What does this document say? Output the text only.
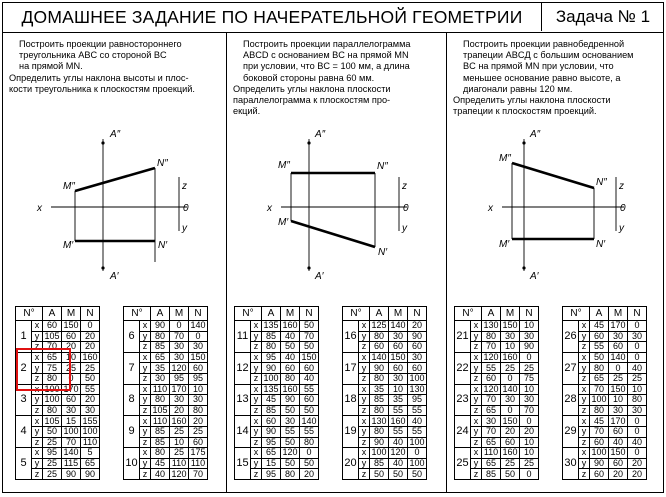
ДОМАШНЕЕ ЗАДАНИЕ ПО НАЧЕРАТЕЛЬНОЙ ГЕОМЕТРИИ	Задача № 1
Построить проекции равностороннего
треугольника ABC со стороной BC
на прямой MN.
Определить углы наклона высоты и плос-
кости треугольника к плоскостям проекций.
Построить проекции параллелограмма
ABCD с основанием BC на прямой MN
при условии, что BC = 100 мм, а длина
боковой стороны равна 60 мм.
Определить углы наклона плоскости
параллелограмма к плоскостям про-
екций.
Построить проекции равнобедренной
трапеции ABCД с большим основанием
BC на прямой MN при условии, что
меньшее основание равно высоте, а
диагонали равны 120 мм.
Определить углы наклона плоскости
трапеции к плоскостям проекций.
A″
M″
N″
x
z
0
y
M′	N′
A′
A″
M″	N″
x
z
0
y
M′
N′
A′
A″
M″
N″
x
z
0
y
M′	N′
A′
N°		A	M	N
1	x	60	150	0
	y	105	60	20
	z	70	20	20
2	x	65	10	160
	y	75	25	25
	z	80	0	50
3	x	100	170	55
	y	100	60	20
	z	80	30	30
4	x	105	15	155
	y	50	100	100
	z	25	70	110
5	x	95	140	5
	y	25	115	65
	z	25	90	90
N°		A	M	N
6	x	90	0	140
	y	80	70	0
	z	85	30	30
7	x	65	30	150
	y	35	120	60
	z	30	95	95
8	x	110	170	10
	y	80	30	30
	z	105	20	80
9	x	110	160	20
	y	85	25	25
	z	85	10	60
10	x	80	25	175
	y	45	110	110
	z	40	120	70
N°		A	M	N
11	x	135	160	50
	y	85	40	70
	z	80	50	50
12	x	95	40	150
	y	90	60	60
	z	100	80	40
13	x	135	160	55
	y	45	90	60
	z	85	50	50
14	x	60	30	140
	y	90	55	55
	z	95	50	80
15	x	65	120	0
	y	15	50	50
	z	95	80	20
N°		A	M	N
16	x	125	140	20
	y	80	30	90
	z	60	60	60
17	x	140	150	30
	y	90	60	60
	z	80	30	100
18	x	35	10	130
	y	85	35	95
	z	80	55	55
19	x	130	160	40
	y	80	55	55
	z	90	40	100
20	x	100	120	0
	y	85	40	100
	z	50	50	50
N°		A	M	N
21	x	130	150	10
	y	80	30	30
	z	70	10	90
22	x	120	160	0
	y	55	25	25
	z	60	0	75
23	x	120	140	10
	y	70	30	30
	z	65	0	70
24	x	30	150	0
	y	70	20	20
	z	65	60	10
25	x	110	160	10
	y	65	25	25
	z	85	50	0
N°		A	M	N
26	x	45	170	0
	y	60	30	30
	z	55	60	0
27	x	50	140	0
	y	80	0	40
	z	65	25	25
28	x	70	150	10
	y	100	10	80
	z	80	30	30
29	x	45	170	0
	y	70	60	0
	z	60	40	40
30	x	100	150	0
	y	90	60	20
	z	60	20	20
